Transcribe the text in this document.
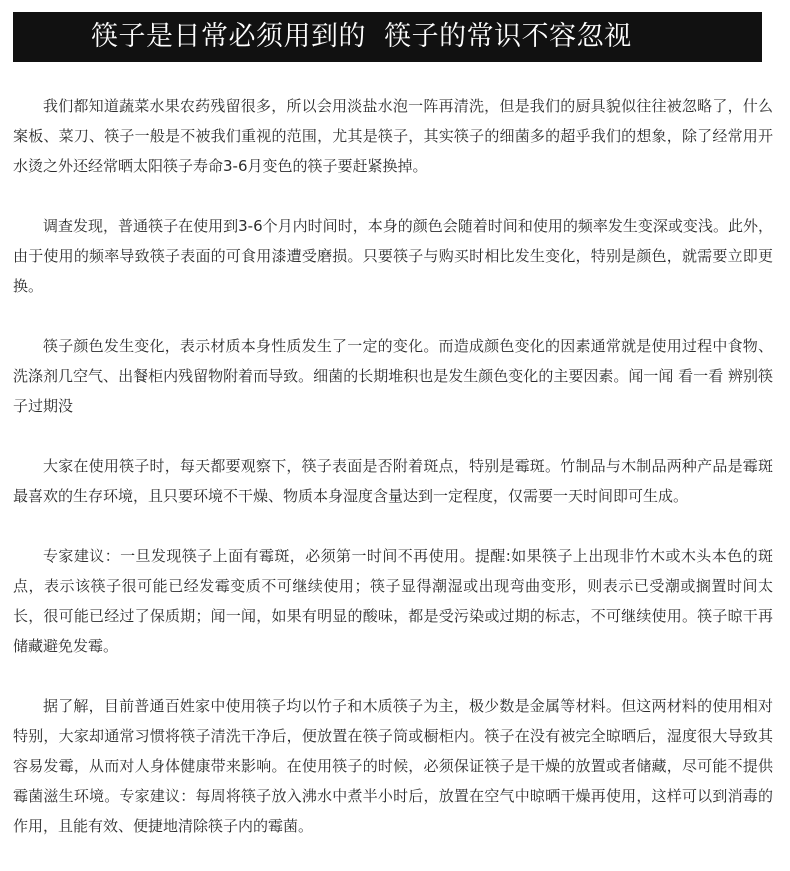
筷子是日常必须用到的  筷子的常识不容忽视

我们都知道蔬菜水果农药残留很多，所以会用淡盐水泡一阵再清洗，但是我们的厨具貌似往往被忽略了，什么案板、菜刀、筷子一般是不被我们重视的范围，尤其是筷子，其实筷子的细菌多的超乎我们的想象，除了经常用开水烫之外还经常晒太阳筷子寿命3-6月变色的筷子要赶紧换掉。

调查发现，普通筷子在使用到3-6个月内时间时，本身的颜色会随着时间和使用的频率发生变深或变浅。此外，由于使用的频率导致筷子表面的可食用漆遭受磨损。只要筷子与购买时相比发生变化，特别是颜色，就需要立即更换。

筷子颜色发生变化，表示材质本身性质发生了一定的变化。而造成颜色变化的因素通常就是使用过程中食物、洗涤剂几空气、出餐柜内残留物附着而导致。细菌的长期堆积也是发生颜色变化的主要因素。闻一闻 看一看 辨别筷子过期没

大家在使用筷子时，每天都要观察下，筷子表面是否附着斑点，特别是霉斑。竹制品与木制品两种产品是霉斑最喜欢的生存环境，且只要环境不干燥、物质本身湿度含量达到一定程度，仅需要一天时间即可生成。

专家建议：一旦发现筷子上面有霉斑，必须第一时间不再使用。提醒:如果筷子上出现非竹木或木头本色的斑点，表示该筷子很可能已经发霉变质不可继续使用；筷子显得潮湿或出现弯曲变形，则表示已受潮或搁置时间太长，很可能已经过了保质期；闻一闻，如果有明显的酸味，都是受污染或过期的标志，不可继续使用。筷子晾干再储藏避免发霉。

据了解，目前普通百姓家中使用筷子均以竹子和木质筷子为主，极少数是金属等材料。但这两材料的使用相对特别，大家却通常习惯将筷子清洗干净后，便放置在筷子筒或橱柜内。筷子在没有被完全晾晒后，湿度很大导致其容易发霉，从而对人身体健康带来影响。在使用筷子的时候，必须保证筷子是干燥的放置或者储藏，尽可能不提供霉菌滋生环境。专家建议：每周将筷子放入沸水中煮半小时后，放置在空气中晾晒干燥再使用，这样可以到消毒的作用，且能有效、便捷地清除筷子内的霉菌。
